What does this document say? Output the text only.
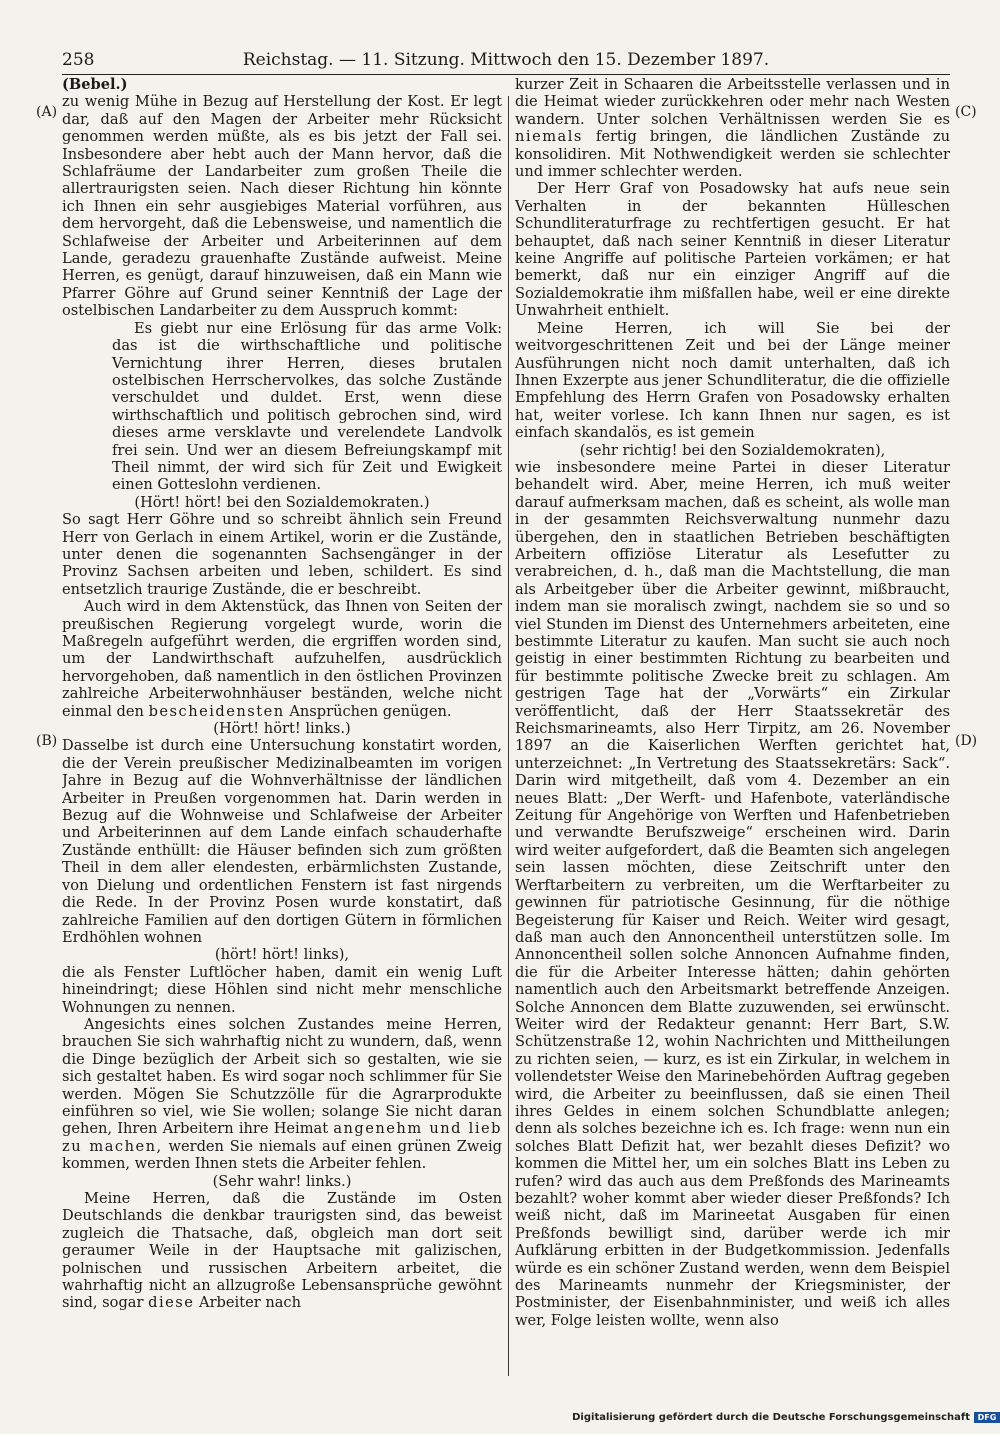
258	Reichstag. — 11. Sitzung. Mittwoch den 15. Dezember 1897.
(A)
(B)
(C)
(D)

(Bebel.)

zu wenig Mühe in Bezug auf Herstellung der Kost. Er legt dar, daß auf den Magen der Arbeiter mehr Rücksicht genommen werden müßte, als es bis jetzt der Fall sei. Insbesondere aber hebt auch der Mann hervor, daß die Schlafräume der Landarbeiter zum großen Theile die allertraurigsten seien. Nach dieser Richtung hin könnte ich Ihnen ein sehr ausgiebiges Material vorführen, aus dem hervorgeht, daß die Lebensweise, und namentlich die Schlafweise der Arbeiter und Arbeiterinnen auf dem Lande, geradezu grauenhafte Zustände aufweist. Meine Herren, es genügt, darauf hinzuweisen, daß ein Mann wie Pfarrer Göhre auf Grund seiner Kenntniß der Lage der ostelbischen Landarbeiter zu dem Ausspruch kommt:

Es giebt nur eine Erlösung für das arme Volk: das ist die wirthschaftliche und politische Vernichtung ihrer Herren, dieses brutalen ostelbischen Herrschervolkes, das solche Zustände verschuldet und duldet. Erst, wenn diese wirthschaftlich und politisch gebrochen sind, wird dieses arme versklavte und verelendete Landvolk frei sein. Und wer an diesem Befreiungskampf mit Theil nimmt, der wird sich für Zeit und Ewigkeit einen Gotteslohn verdienen.

(Hört! hört! bei den Sozialdemokraten.)

So sagt Herr Göhre und so schreibt ähnlich sein Freund Herr von Gerlach in einem Artikel, worin er die Zustände, unter denen die sogenannten Sachsengänger in der Provinz Sachsen arbeiten und leben, schildert. Es sind entsetzlich traurige Zustände, die er beschreibt.

Auch wird in dem Aktenstück, das Ihnen von Seiten der preußischen Regierung vorgelegt wurde, worin die Maßregeln aufgeführt werden, die ergriffen worden sind, um der Landwirthschaft aufzuhelfen, ausdrücklich hervorgehoben, daß namentlich in den östlichen Provinzen zahlreiche Arbeiterwohnhäuser beständen, welche nicht einmal den bescheidensten Ansprüchen genügen.

(Hört! hört! links.)

Dasselbe ist durch eine Untersuchung konstatirt worden, die der Verein preußischer Medizinalbeamten im vorigen Jahre in Bezug auf die Wohnverhältnisse der ländlichen Arbeiter in Preußen vorgenommen hat. Darin werden in Bezug auf die Wohnweise und Schlafweise der Arbeiter und Arbeiterinnen auf dem Lande einfach schauderhafte Zustände enthüllt: die Häuser befinden sich zum größten Theil in dem aller elendesten, erbärmlichsten Zustande, von Dielung und ordentlichen Fenstern ist fast nirgends die Rede. In der Provinz Posen wurde konstatirt, daß zahlreiche Familien auf den dortigen Gütern in förmlichen Erdhöhlen wohnen

(hört! hört! links),

die als Fenster Luftlöcher haben, damit ein wenig Luft hineindringt; diese Höhlen sind nicht mehr menschliche Wohnungen zu nennen.

Angesichts eines solchen Zustandes meine Herren, brauchen Sie sich wahrhaftig nicht zu wundern, daß, wenn die Dinge bezüglich der Arbeit sich so gestalten, wie sie sich gestaltet haben. Es wird sogar noch schlimmer für Sie werden. Mögen Sie Schutzzölle für die Agrarprodukte einführen so viel, wie Sie wollen; solange Sie nicht daran gehen, Ihren Arbeitern ihre Heimat angenehm und lieb zu machen, werden Sie niemals auf einen grünen Zweig kommen, werden Ihnen stets die Arbeiter fehlen.

(Sehr wahr! links.)

Meine Herren, daß die Zustände im Osten Deutschlands die denkbar traurigsten sind, das beweist zugleich die Thatsache, daß, obgleich man dort seit geraumer Weile in der Hauptsache mit galizischen, polnischen und russischen Arbeitern arbeitet, die wahrhaftig nicht an allzugroße Lebensansprüche gewöhnt sind, sogar diese Arbeiter nach

kurzer Zeit in Schaaren die Arbeitsstelle verlassen und in die Heimat wieder zurückkehren oder mehr nach Westen wandern. Unter solchen Verhältnissen werden Sie es niemals fertig bringen, die ländlichen Zustände zu konsolidiren. Mit Nothwendigkeit werden sie schlechter und immer schlechter werden.

Der Herr Graf von Posadowsky hat aufs neue sein Verhalten in der bekannten Hülleschen Schundliteraturfrage zu rechtfertigen gesucht. Er hat behauptet, daß nach seiner Kenntniß in dieser Literatur keine Angriffe auf politische Parteien vorkämen; er hat bemerkt, daß nur ein einziger Angriff auf die Sozialdemokratie ihm mißfallen habe, weil er eine direkte Unwahrheit enthielt.

Meine Herren, ich will Sie bei der weitvorgeschrittenen Zeit und bei der Länge meiner Ausführungen nicht noch damit unterhalten, daß ich Ihnen Exzerpte aus jener Schundliteratur, die die offizielle Empfehlung des Herrn Grafen von Posadowsky erhalten hat, weiter vorlese. Ich kann Ihnen nur sagen, es ist einfach skandalös, es ist gemein

(sehr richtig! bei den Sozialdemokraten),

wie insbesondere meine Partei in dieser Literatur behandelt wird. Aber, meine Herren, ich muß weiter darauf aufmerksam machen, daß es scheint, als wolle man in der gesammten Reichsverwaltung nunmehr dazu übergehen, den in staatlichen Betrieben beschäftigten Arbeitern offiziöse Literatur als Lesefutter zu verabreichen, d. h., daß man die Machtstellung, die man als Arbeitgeber über die Arbeiter gewinnt, mißbraucht, indem man sie moralisch zwingt, nachdem sie so und so viel Stunden im Dienst des Unternehmers arbeiteten, eine bestimmte Literatur zu kaufen. Man sucht sie auch noch geistig in einer bestimmten Richtung zu bearbeiten und für bestimmte politische Zwecke breit zu schlagen. Am gestrigen Tage hat der „Vorwärts“ ein Zirkular veröffentlicht, daß der Herr Staatssekretär des Reichsmarineamts, also Herr Tirpitz, am 26. November 1897 an die Kaiserlichen Werften gerichtet hat, unterzeichnet: „In Vertretung des Staatssekretärs: Sack“. Darin wird mitgetheilt, daß vom 4. Dezember an ein neues Blatt: „Der Werft- und Hafenbote, vaterländische Zeitung für Angehörige von Werften und Hafenbetrieben und verwandte Berufszweige“ erscheinen wird. Darin wird weiter aufgefordert, daß die Beamten sich angelegen sein lassen möchten, diese Zeitschrift unter den Werftarbeitern zu verbreiten, um die Werftarbeiter zu gewinnen für patriotische Gesinnung, für die nöthige Begeisterung für Kaiser und Reich. Weiter wird gesagt, daß man auch den Annoncentheil unterstützen solle. Im Annoncentheil sollen solche Annoncen Aufnahme finden, die für die Arbeiter Interesse hätten; dahin gehörten namentlich auch den Arbeitsmarkt betreffende Anzeigen. Solche Annoncen dem Blatte zuzuwenden, sei erwünscht. Weiter wird der Redakteur genannt: Herr Bart, S.W. Schützenstraße 12, wohin Nachrichten und Mittheilungen zu richten seien, — kurz, es ist ein Zirkular, in welchem in vollendetster Weise den Marinebehörden Auftrag gegeben wird, die Arbeiter zu beeinflussen, daß sie einen Theil ihres Geldes in einem solchen Schundblatte anlegen; denn als solches bezeichne ich es. Ich frage: wenn nun ein solches Blatt Defizit hat, wer bezahlt dieses Defizit? wo kommen die Mittel her, um ein solches Blatt ins Leben zu rufen? wird das auch aus dem Preßfonds des Marineamts bezahlt? woher kommt aber wieder dieser Preßfonds? Ich weiß nicht, daß im Marineetat Ausgaben für einen Preßfonds bewilligt sind, darüber werde ich mir Aufklärung erbitten in der Budgetkommission. Jedenfalls würde es ein schöner Zustand werden, wenn dem Beispiel des Marineamts nunmehr der Kriegsminister, der Postminister, der Eisenbahnminister, und weiß ich alles wer, Folge leisten wollte, wenn also

Digitalisierung gefördert durch die Deutsche Forschungsgemeinschaft DFG
